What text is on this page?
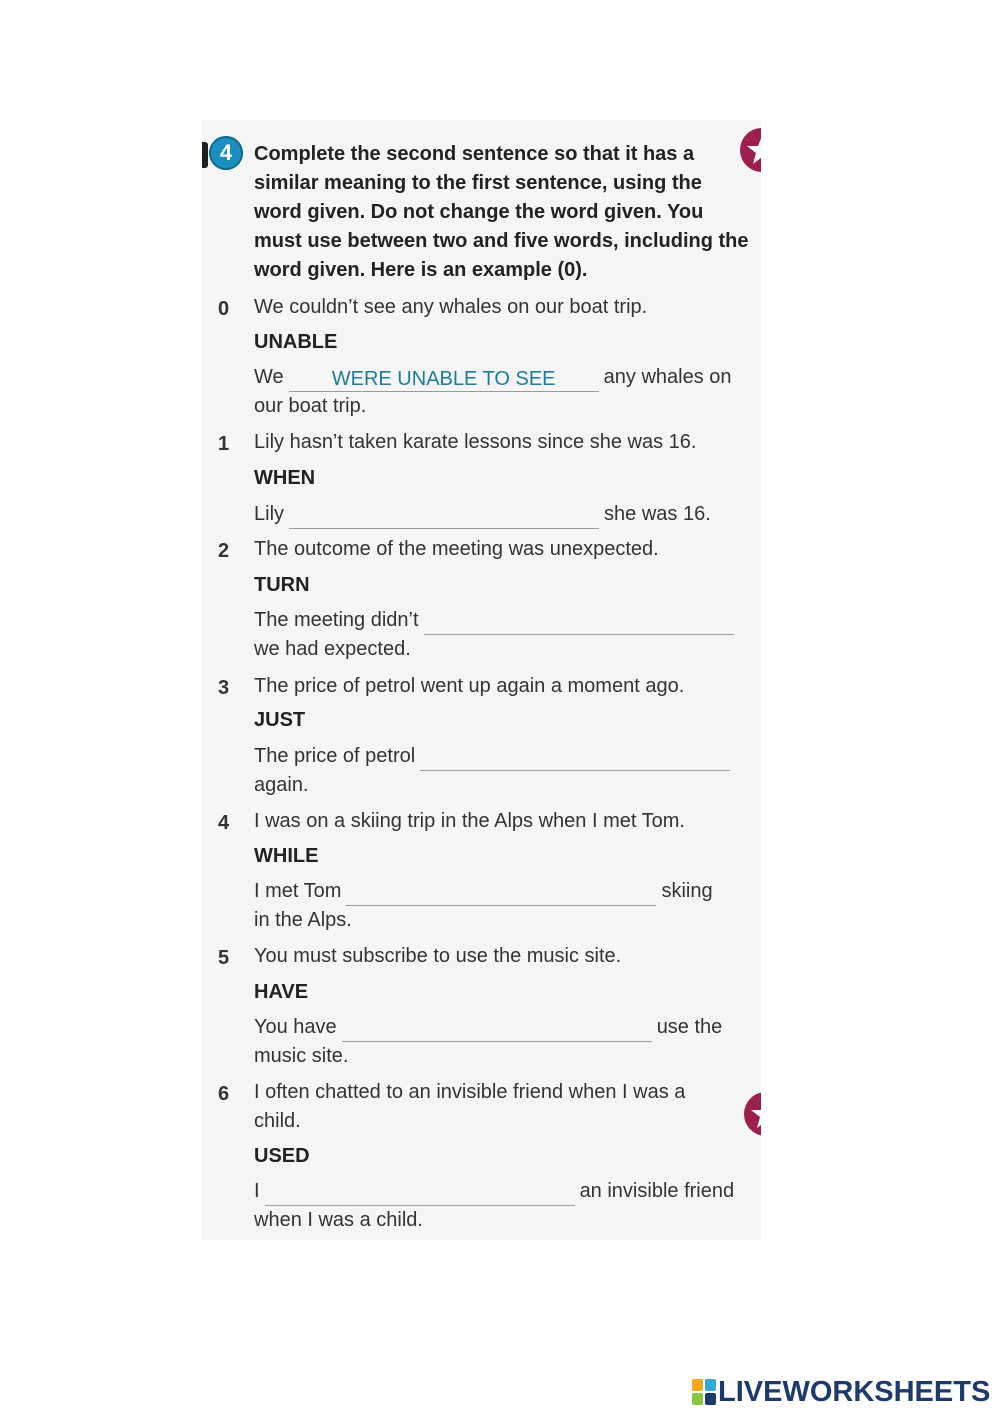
4	Complete the second sentence so that it has a similar meaning to the first sentence, using the word given. Do not change the word given. You must use between two and five words, including the word given. Here is an example (0).
0	We couldn’t see any whales on our boat trip.
UNABLE
We WERE UNABLE TO SEE any whales on
our boat trip.
1	Lily hasn’t taken karate lessons since she was 16.
WHEN
Lily	she was 16.
2	The outcome of the meeting was unexpected.
TURN
The meeting didn’t
we had expected.
3	The price of petrol went up again a moment ago.
JUST
The price of petrol
again.
4	I was on a skiing trip in the Alps when I met Tom.
WHILE
I met Tom	skiing
in the Alps.
5	You must subscribe to use the music site.
HAVE
You have	use the
music site.
6	I often chatted to an invisible friend when I was a child.
USED
I	an invisible friend
when I was a child.
LIVEWORKSHEETS
